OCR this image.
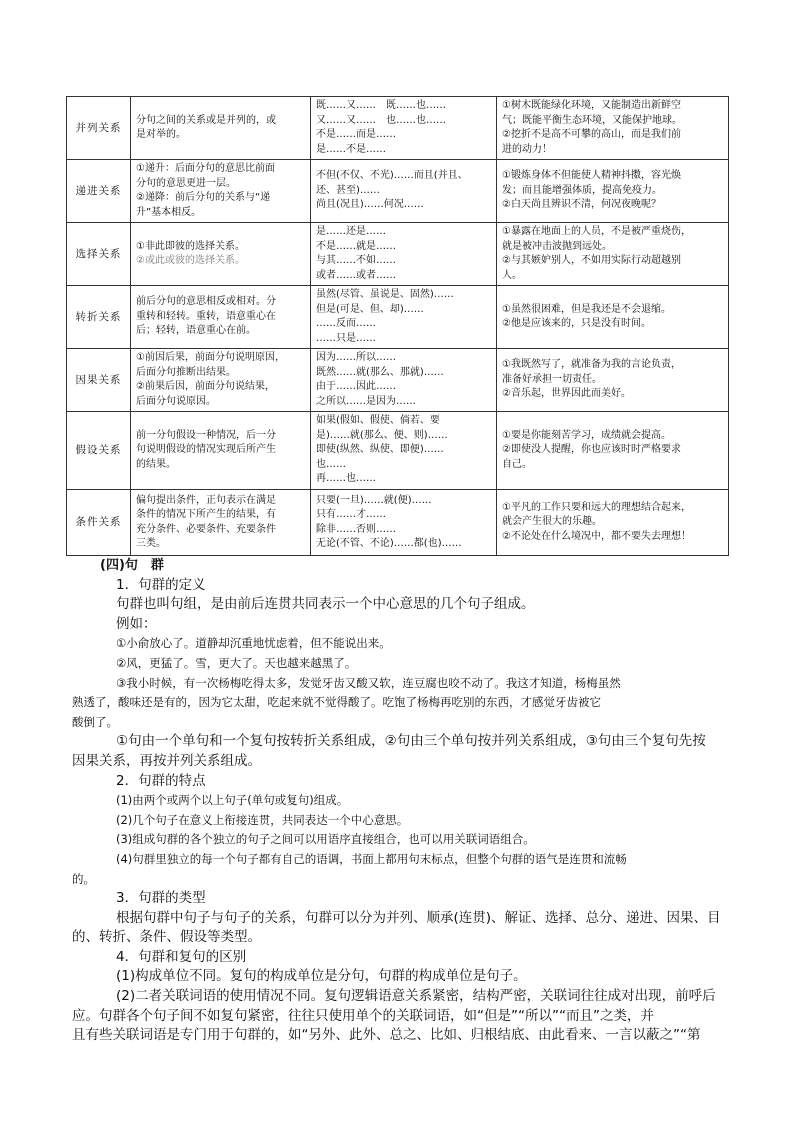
并列关系	分句之间的关系或是并列的，或
是对举的。	既……又……　既……也……
又……又……　也……也……
不是……而是……
是……不是……	①树木既能绿化环境，又能制造出新鲜空
气；既能平衡生态环境，又能保护地球。
②挖折不是高不可攀的高山，而是我们前
进的动力！

递进关系	①递升：后面分句的意思比前面
分句的意思更进一层。
②递降：前后分句的关系与“递
升”基本相反。	不但(不仅、不光)……而且(并且、
还、甚至)……
尚且(况且)……何况……	①锻炼身体不但能使人精神抖擞，容光焕
发；而且能增强体质，提高免疫力。
②白天尚且辨识不清，何况夜晚呢？

选择关系	①非此即彼的选择关系。
②或此或彼的选择关系。	是……还是……
不是……就是……
与其……不如……
或者……或者……	①暴露在地面上的人员，不是被严重烧伤，
就是被冲击波抛到远处。
②与其嫉妒别人，不如用实际行动超越别
人。

转折关系	前后分句的意思相反或相对。分
重转和轻转。重转，语意重心在
后；轻转，语意重心在前。	虽然(尽管、虽说是、固然)……
但是(可是、但、却)……
……反而……
……只是……	①虽然很困难，但是我还是不会退缩。
②他是应该来的，只是没有时间。

因果关系	①前因后果，前面分句说明原因，
后面分句推断出结果。
②前果后因，前面分句说结果，
后面分句说原因。	因为……所以……
既然……就(那么、那就)……
由于……因此……
之所以……是因为……	①我既然写了，就准备为我的言论负责，
准备好承担一切责任。
②音乐起，世界因此而美好。

假设关系	前一分句假设一种情况，后一分
句说明假设的情况实现后所产生
的结果。	如果(假如、假使、倘若、要
是)……就(那么、便、则)……
即使(纵然、纵使、即便)……
也……
再……也……	①要是你能刻苦学习，成绩就会提高。
②即使没人提醒，你也应该时时严格要求
自己。

条件关系	偏句提出条件，正句表示在满足
条件的情况下所产生的结果，有
充分条件、必要条件、充要条件
三类。	只要(一旦)……就(便)……
只有……才……
除非……否则……
无论(不管、不论)……都(也)……	①平凡的工作只要和远大的理想结合起来，
就会产生很大的乐趣。
②不论处在什么境况中，都不要失去理想！

(四)句　群

1．句群的定义

句群也叫句组，是由前后连贯共同表示一个中心意思的几个句子组成。

例如：

①小俞放心了。道静却沉重地忧虑着，但不能说出来。

②风，更猛了。雪，更大了。天也越来越黑了。

③我小时候，有一次杨梅吃得太多，发觉牙齿又酸又软，连豆腐也咬不动了。我这才知道，杨梅虽然

熟透了，酸味还是有的，因为它太甜，吃起来就不觉得酸了。吃饱了杨梅再吃别的东西，才感觉牙齿被它

酸倒了。

①句由一个单句和一个复句按转折关系组成，②句由三个单句按并列关系组成，③句由三个复句先按

因果关系，再按并列关系组成。

2．句群的特点

(1)由两个或两个以上句子(单句或复句)组成。

(2)几个句子在意义上衔接连贯，共同表达一个中心意思。

(3)组成句群的各个独立的句子之间可以用语序直接组合，也可以用关联词语组合。

(4)句群里独立的每一个句子都有自己的语调，书面上都用句末标点，但整个句群的语气是连贯和流畅

的。

3．句群的类型

根据句群中句子与句子的关系，句群可以分为并列、顺承(连贯)、解证、选择、总分、递进、因果、目

的、转折、条件、假设等类型。

4．句群和复句的区别

(1)构成单位不同。复句的构成单位是分句，句群的构成单位是句子。

(2)二者关联词语的使用情况不同。复句逻辑语意关系紧密，结构严密，关联词往往成对出现，前呼后

应。句群各个句子间不如复句紧密，往往只使用单个的关联词语，如“但是”“所以”“而且”之类，并

且有些关联词语是专门用于句群的，如“另外、此外、总之、比如、归根结底、由此看来、一言以蔽之”“第
